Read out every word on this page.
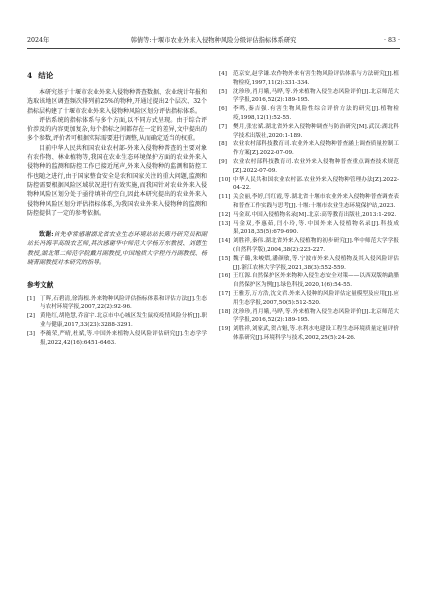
2024年	韩倩等:十堰市农业外来入侵物种风险分级评估指标体系研究	· 83 ·
4 结论

本研究基于十堰市农业外来入侵物种普查数据、农业统计年报和选取该地区调查频次排列前25%的物种,开通过提出2个层次、32个指标层构建了十堰市农业外来入侵物种风险区划分评估指标体系。

评估系统的指标体系与多个方面,以不同方式呈现。由于综合评价涉及的内容更加复杂,每个指标之间都存在一定的差异,文中提出的多个参数,评价者可根据实际需要进行调整,从而确定适当的权重。

目前中华人民共和国农业农村部-外来入侵物种普查的主要对象有农作物、林业植物等,我国在农业生态环境保护方面的农业外来入侵物种的监测和防控工作已接近尾声,外来入侵物种的监测和防控工作也随之进行,由于国家整食安全是农和国家关注的重大问题,监测和防控需要根据风险区域状况进行有效实施,而我国针对农业外来入侵物种风险区划分处于亟待填补的空白,因此本研究提出的农业外来入侵物种风险区划分评估指标体系,为我国农业外来入侵物种的监测和防控提供了一定的参考依据。

致谢:首先非常感谢湖北省农业生态环境站站长陈丹研究员和副站长冯海平高级农艺师,其次感谢华中师范大学杨万东教授、刘德生教授,湖北第二师范学院戴月副教授,中国地质大学程丹丹副教授、杨晓菁副教授对本研究的指导。
参考文献
[1] 丁晖,石碧清,徐海根.外来物种风险评估指标体系和评估方法[J].生态与农村环境学报,2007,22(2):92-96.
[2] 黄艳红,胡艳慧,乔富宇.北京市中心城区发生鼠疫疫情风险分析[J].职业与健康,2017,33(23):3288-3291.
[3] 李蘅荣,严晴,杜斌,等.中国外来植物入侵风险评估研究[J].生态学学报,2022,42(16):6451-6463.
[4]	范京安,赵学谦.农作物外来有害生物风险评估体系与方法研究[J].植物检疫,1997,11(2):331-334.
[5]	沈珍珍,肖月娥,马晔,等.外来植物入侵生态风险评价[J].北京师范大学学报,2016,52(2):189-195.
[6]	李鸣,秦吉强.有害生物风险性综合评价方法的研究[J].植物检疫,1998,12(1):52-55.
[7]	樊月,张宏斌.湖北省外来入侵物种调查与防治研究[M].武汉:湖北科学技术出版社,2020:1-189.
[8]	农业农村部科技教育司.农业外来入侵物种普查涵上调查质量控制工作方案[Z].2022-07-09.
[9]	农业农村部科技教育司.农业外来入侵物种普查重点调查技术规范[Z].2022-07-09.
[10] 中华人民共和国农业农村部.农业外来入侵物种管理办法[Z].2022-04-22.
[11] 关会丽,李婷,闫红霞,等.湖北省十堰市农业外来入侵物种普查调查表和普查工作实践与思考[J].十堰:十堰市农业生态环境保护站,2023.
[12] 马金双.中国入侵植物名录[M].北京:高等教育出版社,2013:1-292.
[13] 马金双,李惠茹,闫小玲,等.中国外来入侵植物名录[J].科技成果,2018,35(5):679-690.
[14] 刘胜祥,秦伟.湖北省外来入侵植物的初步研究[J].华中师范大学学报(自然科学版),2004,38(2):223-227.
[15] 魏子璐,朱峻熠,潘颜敏,等.宁波市外来入侵植物及其入侵风险评估[J].浙江农林大学学报,2021,38(3):552-559.
[16] 王红源.自然保护区外来物种入侵生态安全对策——以西双版纳勐腊自然保护区为例[J].绿色科技,2020,1(6):54-55.
[17] 王雅芳,万方浩,沈文君.外来入侵种的风险评估定量模型及应用[J].应用生态学报,2007,50(5):512-520.
[18] 沈珍珍,肖月娥,马晔,等.外来植物入侵生态风险评价[J].北京师范大学学报,2016,52(2):189-195.
[19] 刘胜祥,刘家武,贺占魁,等.水利水电建设工程生态环境质量定量评价体系研究[J].环境科学与技术,2002,25(5):24-26.
